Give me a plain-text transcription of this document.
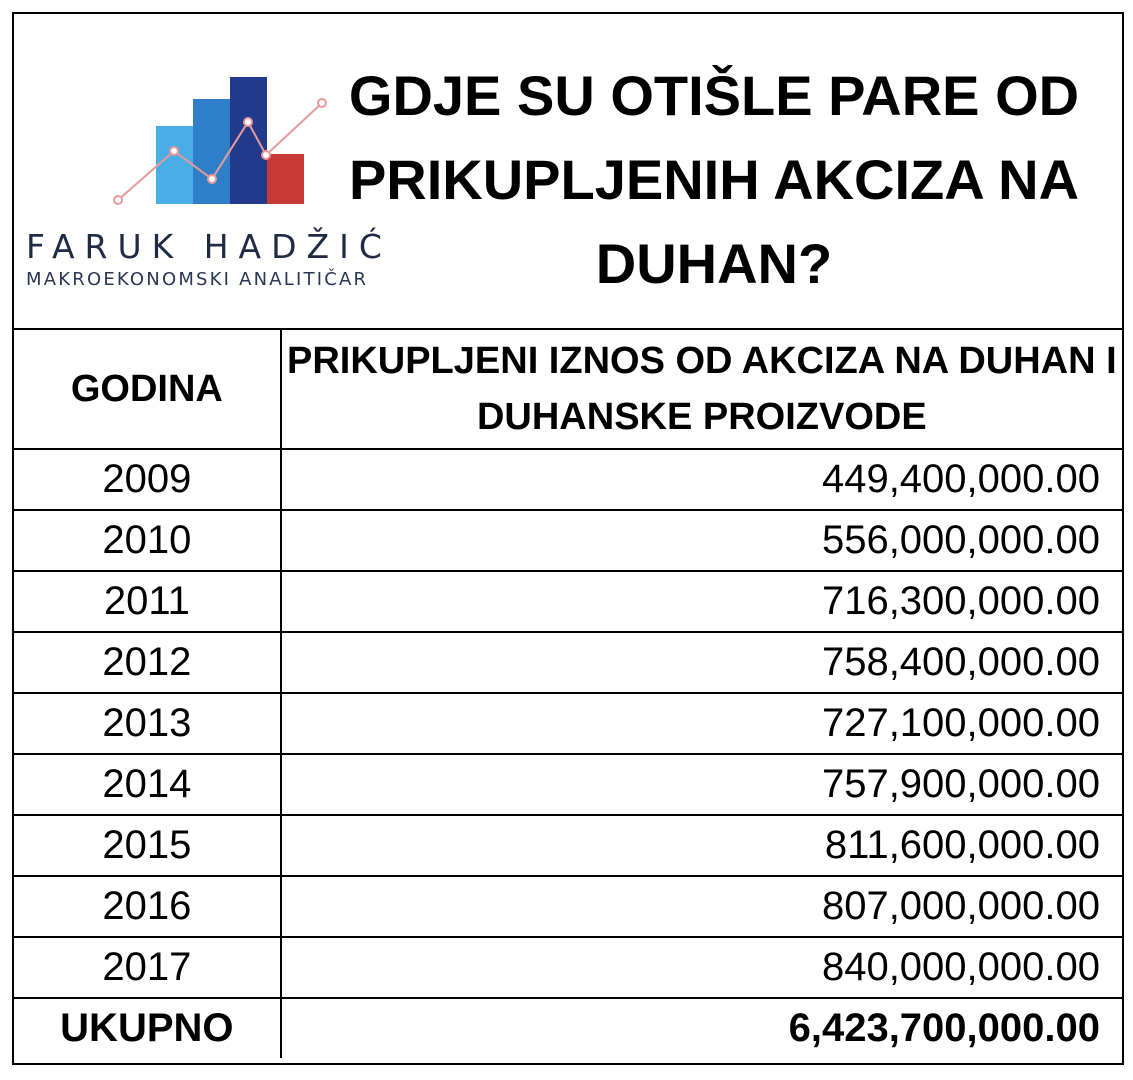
FARUK HADŽIĆ
MAKROEKONOMSKI ANALITIČAR
GDJE SU OTIŠLE PARE OD PRIKUPLJENIH AKCIZA NA DUHAN?
GODINA	PRIKUPLJENI IZNOS OD AKCIZA NA DUHAN I DUHANSKE PROIZVODE
2009	449,400,000.00
2010	556,000,000.00
2011	716,300,000.00
2012	758,400,000.00
2013	727,100,000.00
2014	757,900,000.00
2015	811,600,000.00
2016	807,000,000.00
2017	840,000,000.00
UKUPNO	6,423,700,000.00
